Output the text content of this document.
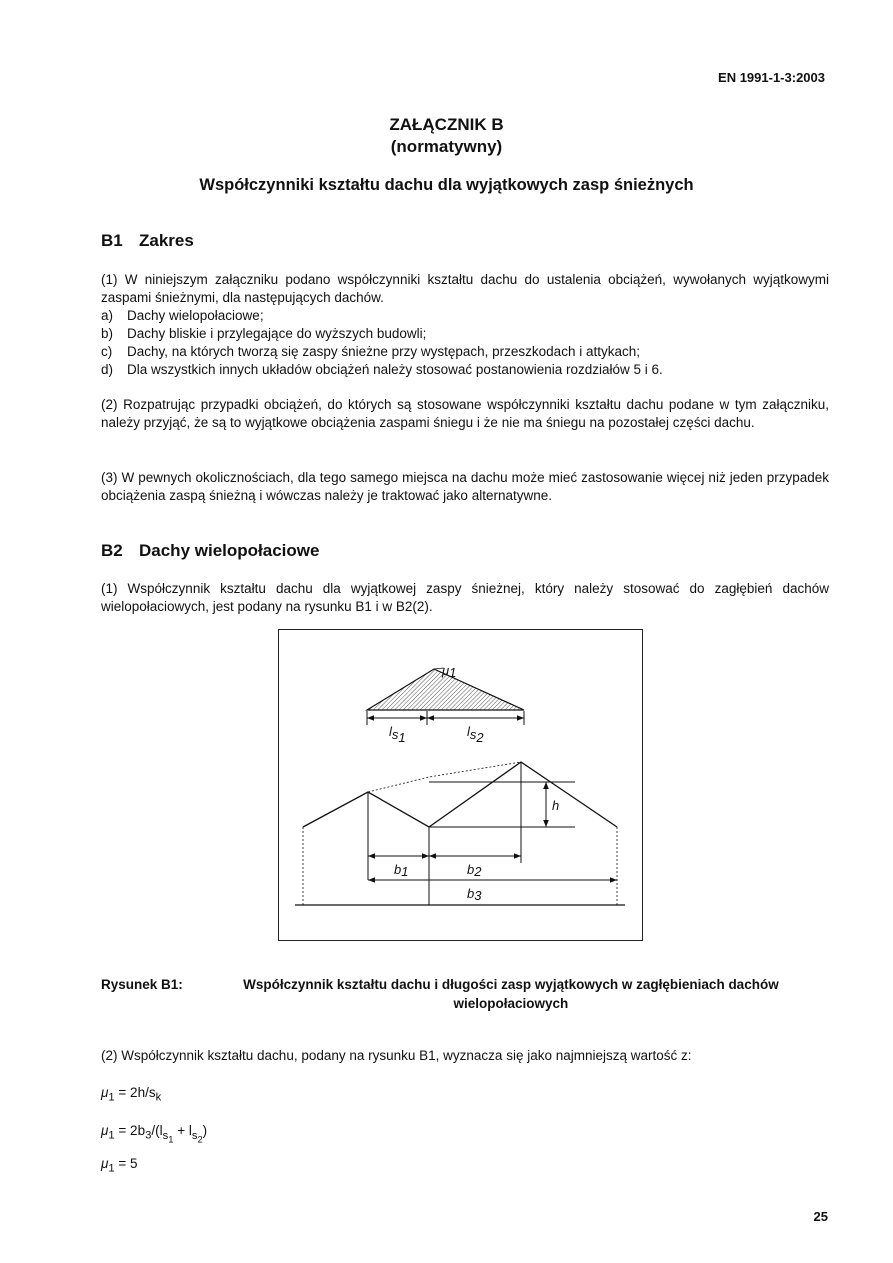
EN 1991-1-3:2003
ZAŁĄCZNIK B
(normatywny)
Współczynniki kształtu dachu dla wyjątkowych zasp śnieżnych
B1 Zakres

(1) W niniejszym załączniku podano współczynniki kształtu dachu do ustalenia obciążeń, wywołanych wyjątkowymi zaspami śnieżnymi, dla następujących dachów.

a)	Dachy wielopołaciowe;
b)	Dachy bliskie i przylegające do wyższych budowli;
c)	Dachy, na których tworzą się zaspy śnieżne przy występach, przeszkodach i attykach;
d)	Dla wszystkich innych układów obciążeń należy stosować postanowienia rozdziałów 5 i 6.
(2) Rozpatrując przypadki obciążeń, do których są stosowane współczynniki kształtu dachu podane w tym załączniku, należy przyjąć, że są to wyjątkowe obciążenia zaspami śniegu i że nie ma śniegu na pozostałej części dachu.
(3) W pewnych okolicznościach, dla tego samego miejsca na dachu może mieć zastosowanie więcej niż jeden przypadek obciążenia zaspą śnieżną i wówczas należy je traktować jako alternatywne.
B2 Dachy wielopołaciowe
(1) Współczynnik kształtu dachu dla wyjątkowej zaspy śnieżnej, który należy stosować do zagłębień dachów wielopołaciowych, jest podany na rysunku B1 i w B2(2).
μ1
ls1	ls2
h
b1	b2
b3
Rysunek B1:	Współczynnik kształtu dachu i długości zasp wyjątkowych w zagłębieniach dachów wielopołaciowych
(2) Współczynnik kształtu dachu, podany na rysunku B1, wyznacza się jako najmniejszą wartość z:
$\mu_1 = 2h/s_k$
$\mu_1 = 2b_3/(l_{s_1} + l_{s_2})$
$\mu_1 = 5$
25
